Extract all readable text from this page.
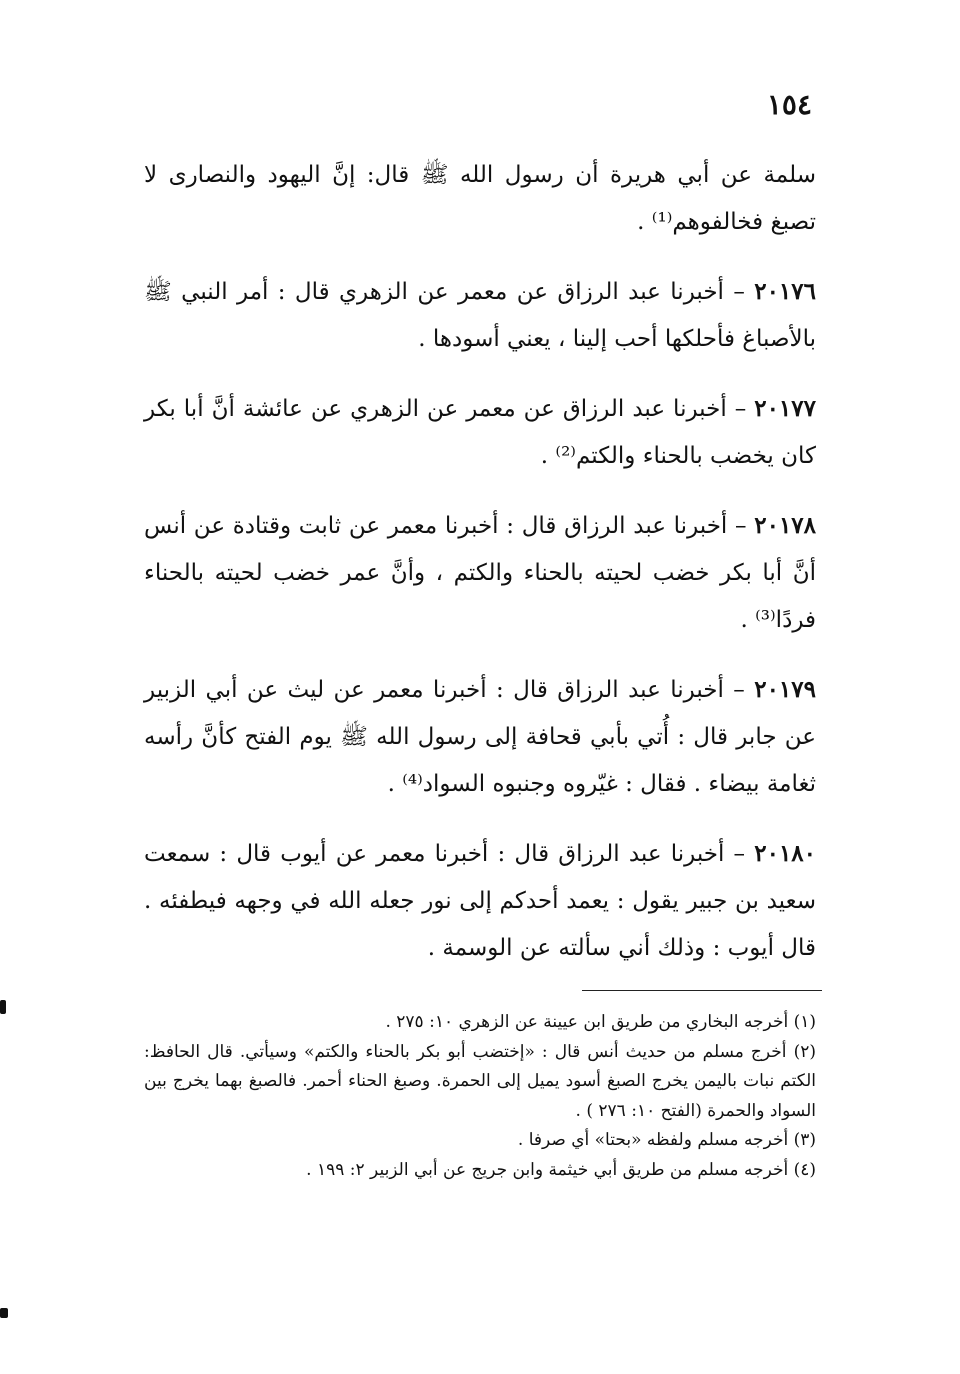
١٥٤

سلمة عن أبي هريرة أن رسول الله ﷺ قال: إنَّ اليهود والنصارى لا تصبغ فخالفوهم⁽¹⁾ .

٢٠١٧٦ – أخبرنا عبد الرزاق عن معمر عن الزهري قال : أمر النبي ﷺ بالأصباغ فأحلكها أحب إلينا ، يعني أسودها .

٢٠١٧٧ – أخبرنا عبد الرزاق عن معمر عن الزهري عن عائشة أنَّ أبا بكر كان يخضب بالحناء والكتم⁽²⁾ .

٢٠١٧٨ – أخبرنا عبد الرزاق قال : أخبرنا معمر عن ثابت وقتادة عن أنس أنَّ أبا بكر خضب لحيته بالحناء والكتم ، وأنَّ عمر خضب لحيته بالحناء فردًا⁽³⁾ .

٢٠١٧٩ – أخبرنا عبد الرزاق قال : أخبرنا معمر عن ليث عن أبي الزبير عن جابر قال : أُتي بأبي قحافة إلى رسول الله ﷺ يوم الفتح كأنَّ رأسه ثغامة بيضاء . فقال : غيّروه وجنبوه السواد⁽⁴⁾ .

٢٠١٨٠ – أخبرنا عبد الرزاق قال : أخبرنا معمر عن أيوب قال : سمعت سعيد بن جبير يقول : يعمد أحدكم إلى نور جعله الله في وجهه فيطفئه . قال أيوب : وذلك أني سألته عن الوسمة .

(١) أخرجه البخاري من طريق ابن عيينة عن الزهري ١٠: ٢٧٥ .

(٢) أخرج مسلم من حديث أنس قال : «إختضب أبو بكر بالحناء والكتم» وسيأتي. قال الحافظ: الكتم نبات باليمن يخرج الصبغ أسود يميل إلى الحمرة. وصبغ الحناء أحمر. فالصبغ بهما يخرج بين السواد والحمرة (الفتح ١٠: ٢٧٦ ) .

(٣) أخرجه مسلم ولفظه «بحتا» أي صرفا .

(٤) أخرجه مسلم من طريق أبي خيثمة وابن جريج عن أبي الزبير ٢: ١٩٩ .
